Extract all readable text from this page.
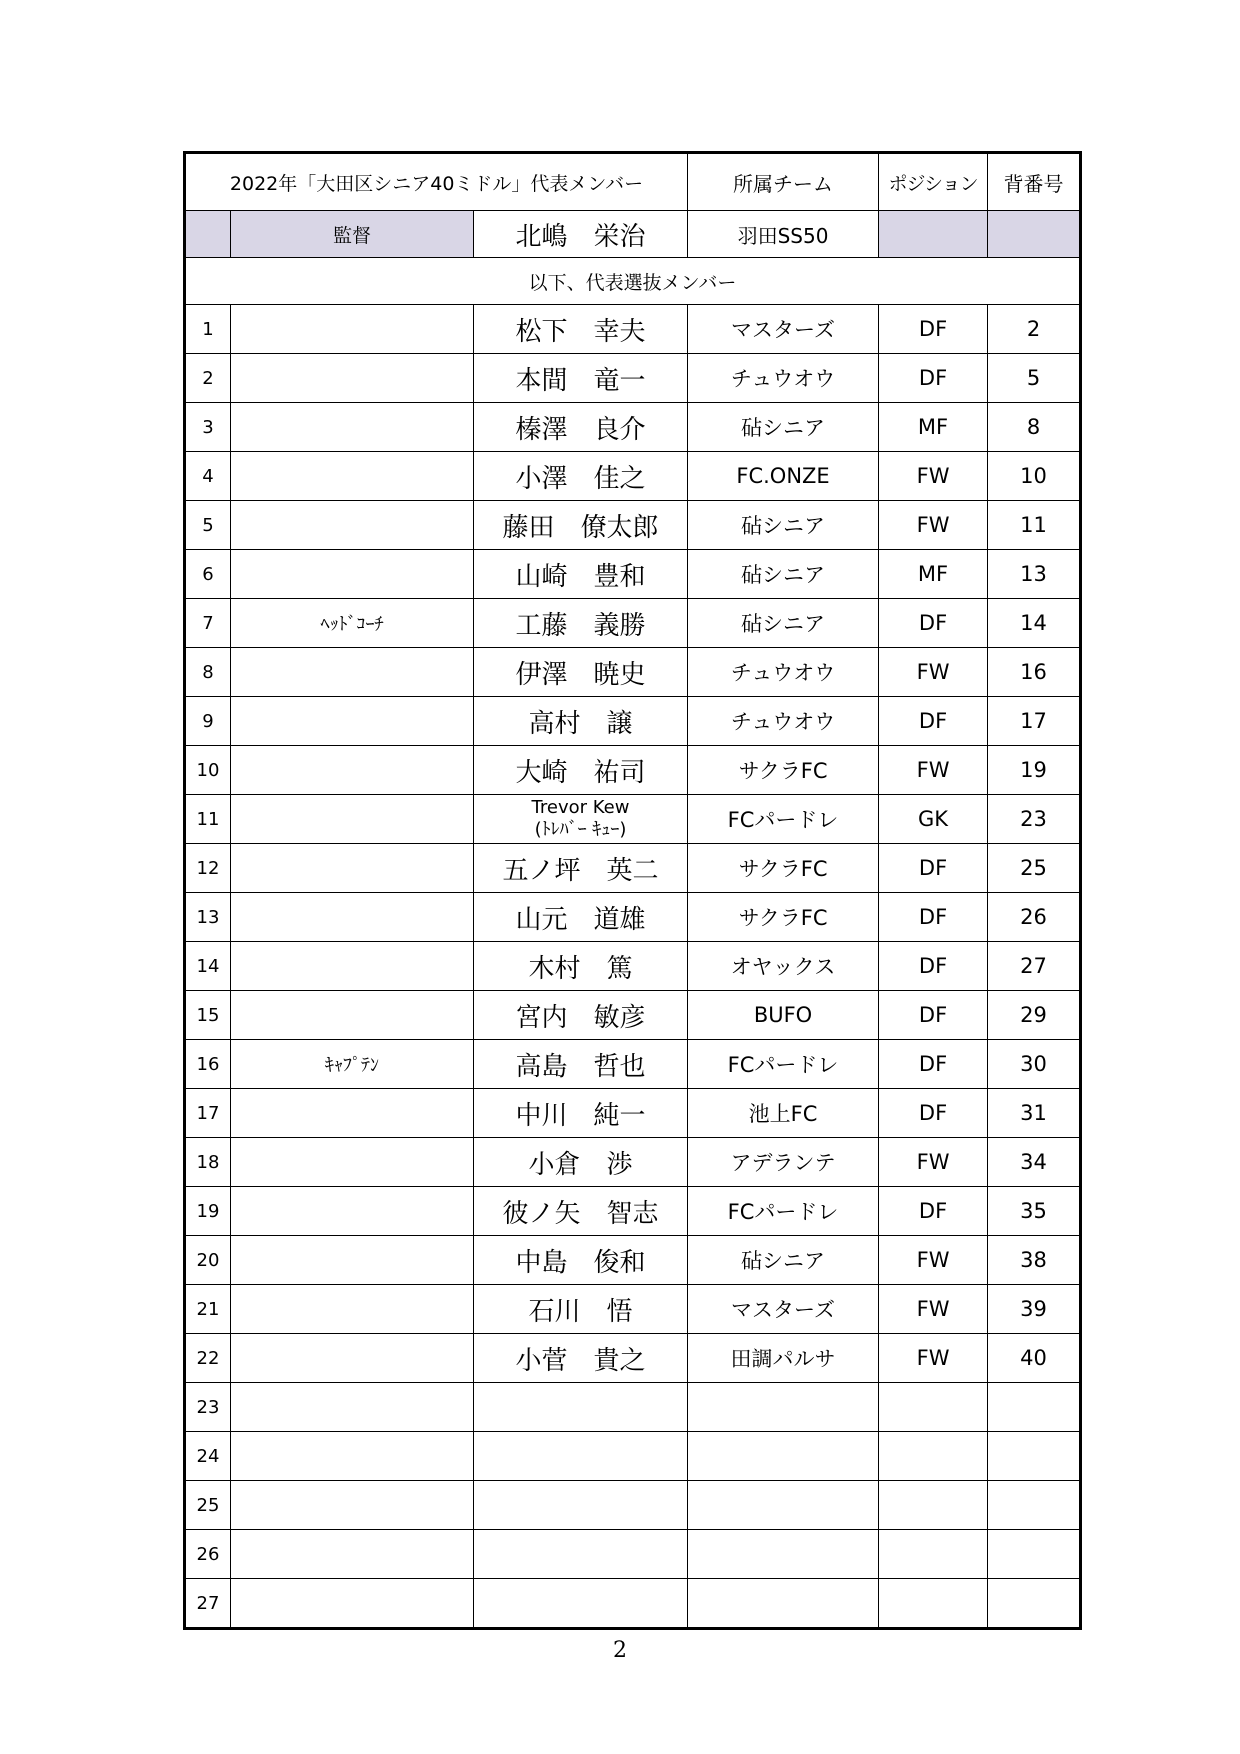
2022年「大田区シニア40ミドル」代表メンバー			所属チーム	ポジション	背番号
	監督	北嶋　栄治	羽田SS50		
以下、代表選抜メンバー					
1		松下　幸夫	マスターズ	DF	2
2		本間　竜一	チュウオウ	DF	5
3		榛澤　良介	砧シニア	MF	8
4		小澤　佳之	FC.ONZE	FW	10
5		藤田　僚太郎	砧シニア	FW	11
6		山崎　豊和	砧シニア	MF	13
7	ﾍｯﾄﾞｺｰﾁ	工藤　義勝	砧シニア	DF	14
8		伊澤　暁史	チュウオウ	FW	16
9		高村　譲	チュウオウ	DF	17
10		大崎　祐司	サクラFC	FW	19
11		Trevor Kew
(ﾄﾚﾊﾞｰ ｷｭｰ)	FCパードレ	GK	23
12		五ノ坪　英二	サクラFC	DF	25
13		山元　道雄	サクラFC	DF	26
14		木村　篤	オヤックス	DF	27
15		宮内　敏彦	BUFO	DF	29
16	ｷｬﾌﾟﾃﾝ	高島　哲也	FCパードレ	DF	30
17		中川　純一	池上FC	DF	31
18		小倉　渉	アデランテ	FW	34
19		彼ノ矢　智志	FCパードレ	DF	35
20		中島　俊和	砧シニア	FW	38
21		石川　悟	マスターズ	FW	39
22		小菅　貴之	田調パルサ	FW	40
23					
24					
25					
26					
27					
2
